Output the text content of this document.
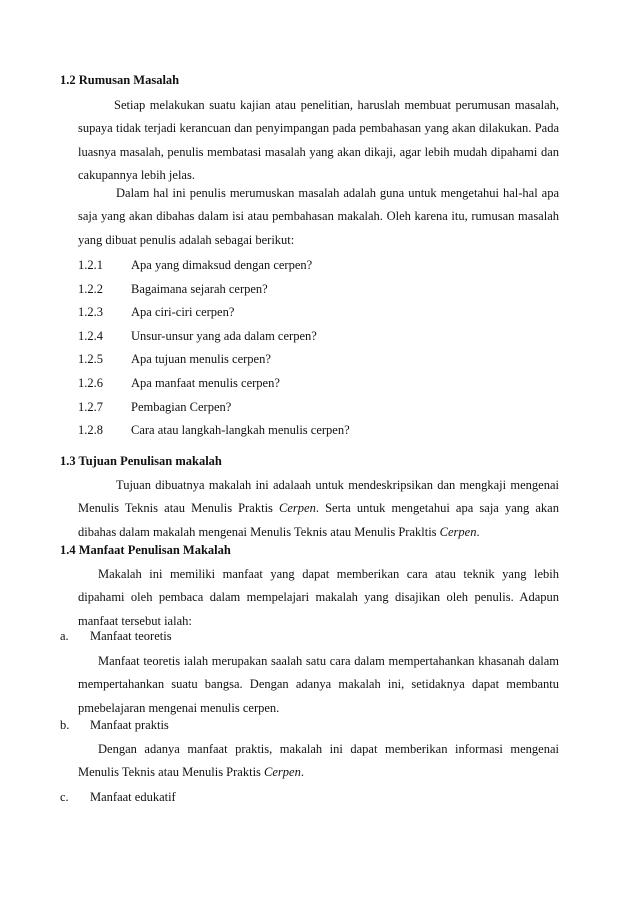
1.2 Rumusan Masalah
Setiap melakukan suatu kajian atau penelitian, haruslah membuat perumusan masalah, supaya tidak terjadi kerancuan dan penyimpangan pada pembahasan yang akan dilakukan. Pada luasnya masalah, penulis membatasi masalah yang akan dikaji, agar lebih mudah dipahami dan cakupannya lebih jelas.
Dalam hal ini penulis merumuskan masalah adalah guna untuk mengetahui hal-hal apa saja yang akan dibahas dalam isi atau pembahasan makalah. Oleh karena itu, rumusan masalah yang dibuat penulis adalah sebagai berikut:
1.2.1 Apa yang dimaksud dengan cerpen?
1.2.2 Bagaimana sejarah cerpen?
1.2.3 Apa ciri-ciri cerpen?
1.2.4 Unsur-unsur yang ada dalam cerpen?
1.2.5 Apa tujuan menulis cerpen?
1.2.6 Apa manfaat menulis cerpen?
1.2.7 Pembagian Cerpen?
1.2.8 Cara atau langkah-langkah menulis cerpen?
1.3 Tujuan Penulisan makalah
Tujuan dibuatnya makalah ini adalaah untuk mendeskripsikan dan mengkaji mengenai Menulis Teknis atau Menulis Praktis Cerpen. Serta untuk mengetahui apa saja yang akan dibahas dalam makalah mengenai Menulis Teknis atau Menulis Prakltis Cerpen.
1.4 Manfaat Penulisan Makalah
Makalah ini memiliki manfaat yang dapat memberikan cara atau teknik yang lebih dipahami oleh pembaca dalam mempelajari makalah yang disajikan oleh penulis. Adapun manfaat tersebut ialah:
a. Manfaat teoretis
Manfaat teoretis ialah merupakan saalah satu cara dalam mempertahankan khasanah dalam mempertahankan suatu bangsa. Dengan adanya makalah ini, setidaknya dapat membantu pmebelajaran mengenai menulis cerpen.
b. Manfaat praktis
Dengan adanya manfaat praktis, makalah ini dapat memberikan informasi mengenai Menulis Teknis atau Menulis Praktis Cerpen.
c. Manfaat edukatif
